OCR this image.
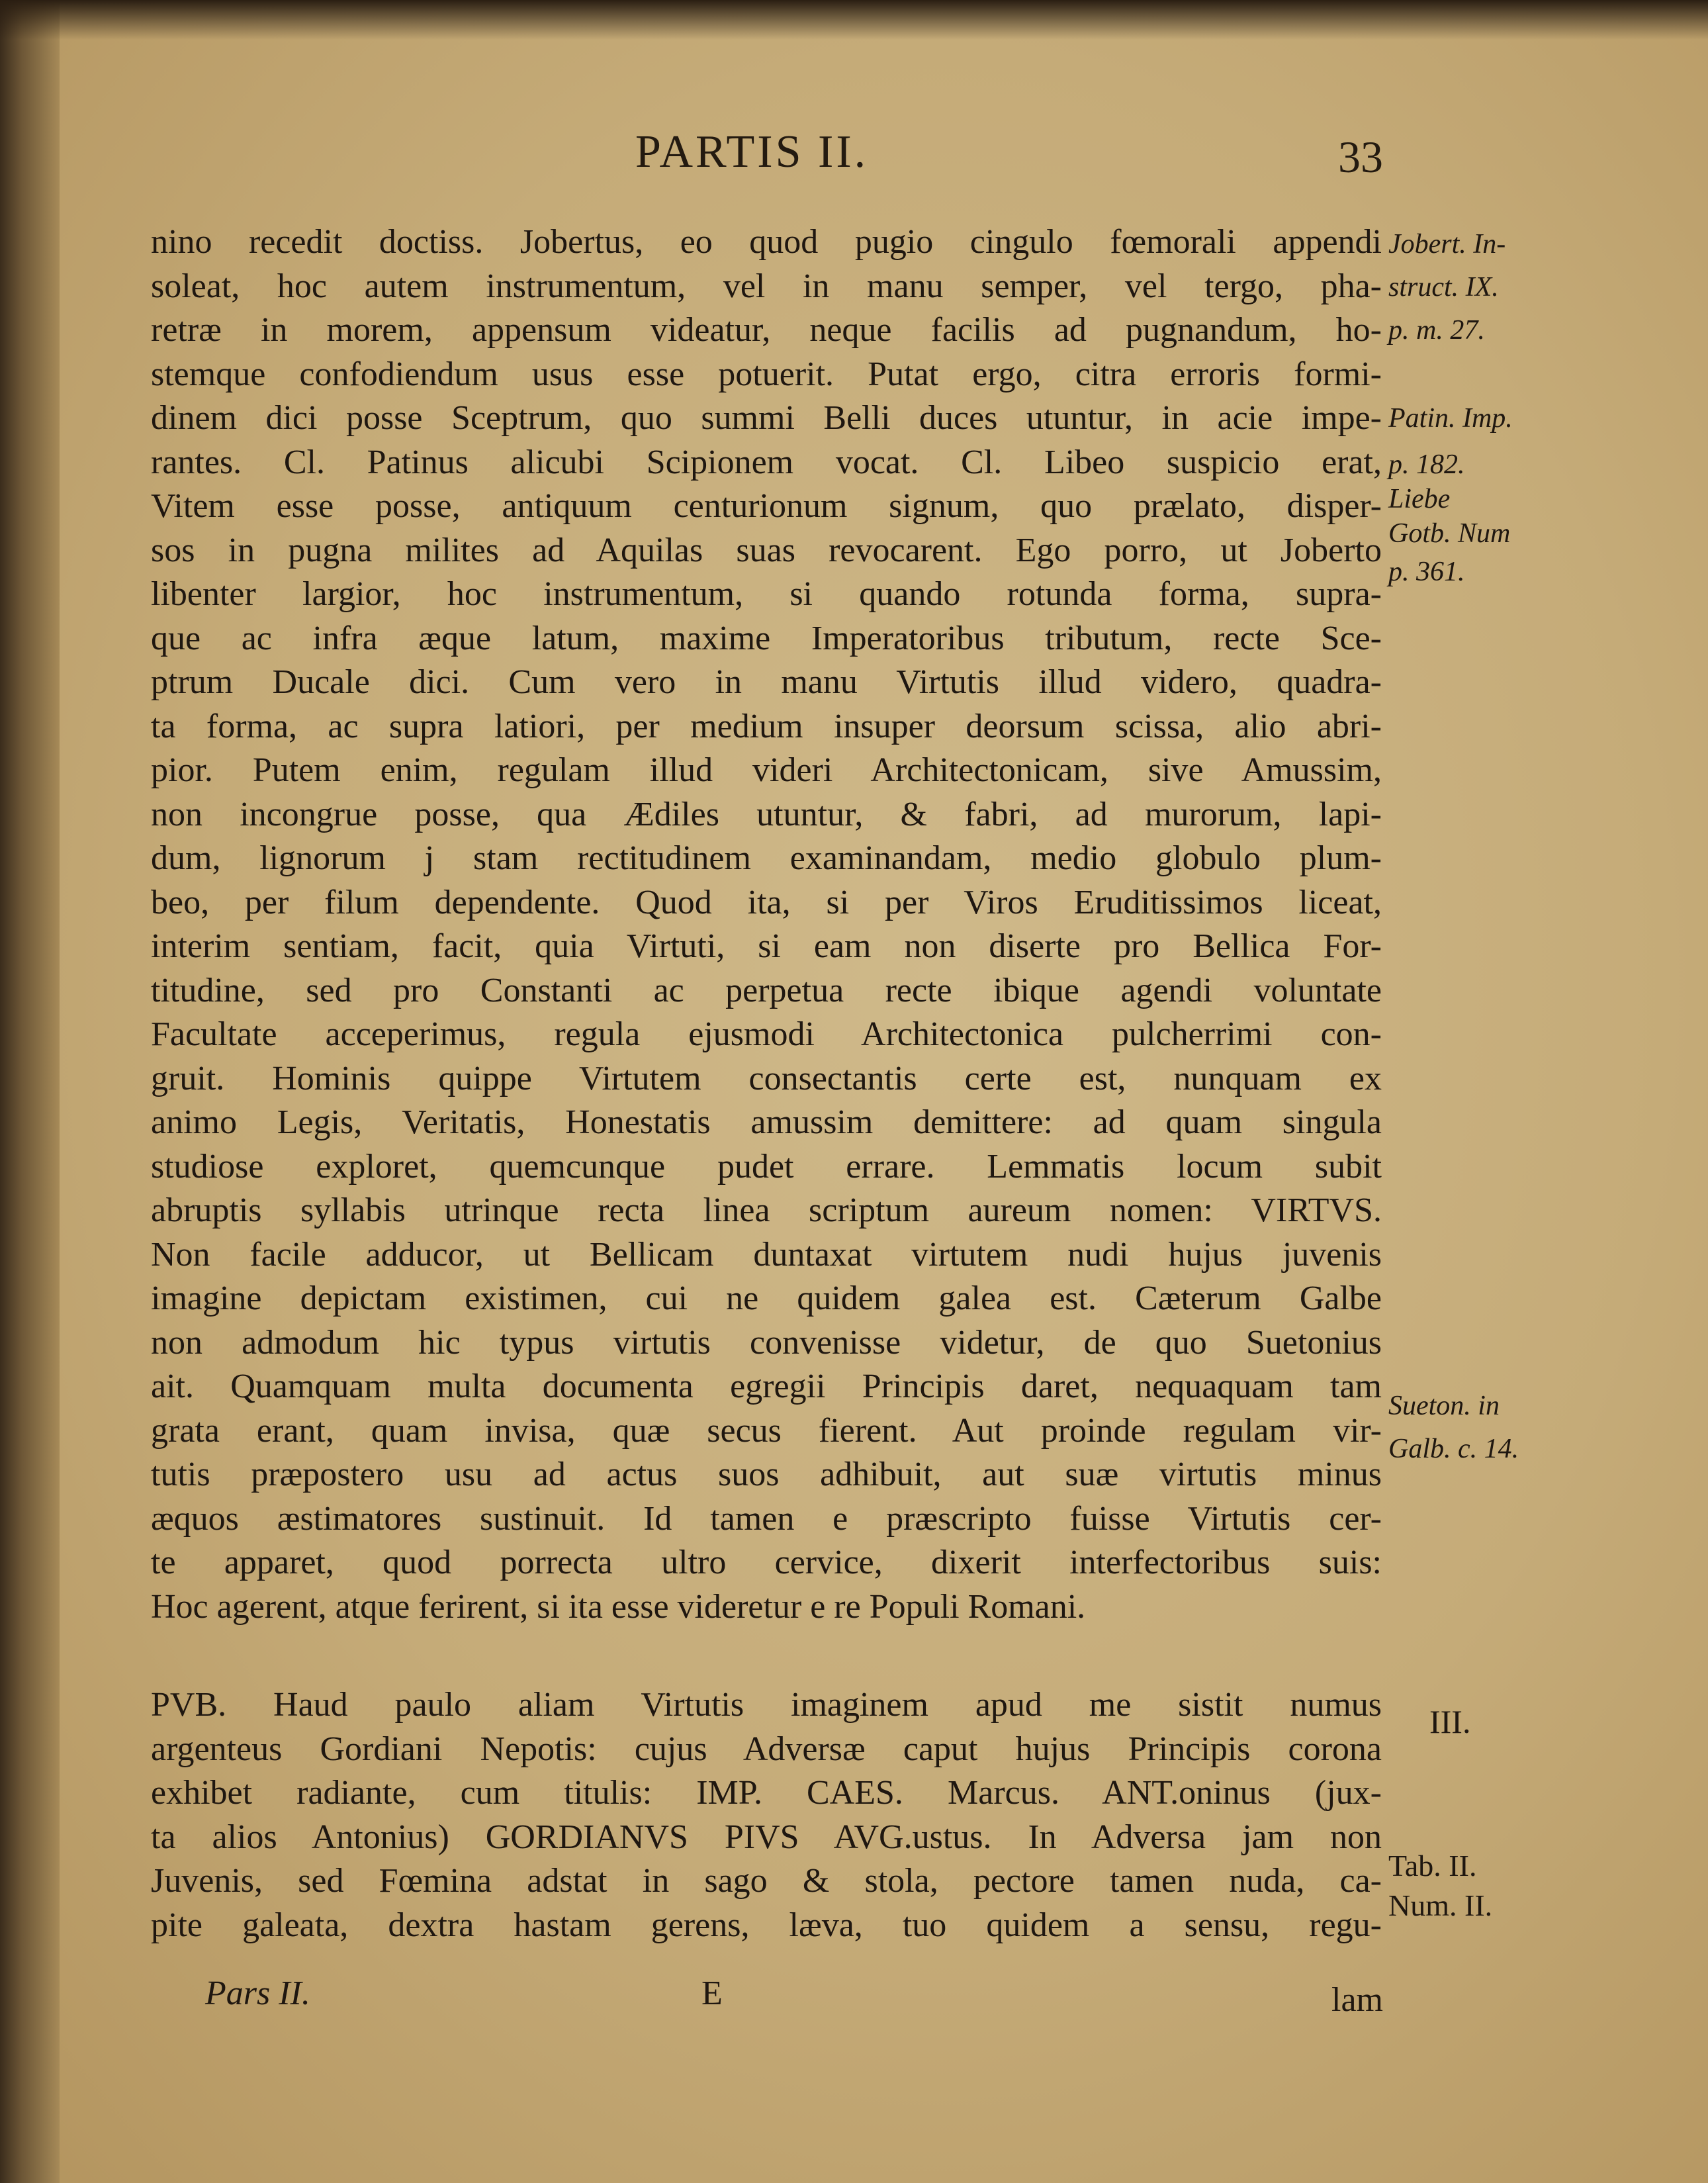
PARTIS II.	33
nino recedit doctiss. Jobertus, eo quod pugio cingulo fœmorali appendi
soleat, hoc autem instrumentum, vel in manu semper, vel tergo, pha-
retræ in morem, appensum videatur, neque facilis ad pugnandum, ho-
stemque confodiendum usus esse potuerit. Putat ergo, citra erroris formi-
dinem dici posse Sceptrum, quo summi Belli duces utuntur, in acie impe-
rantes. Cl. Patinus alicubi Scipionem vocat. Cl. Libeo suspicio erat,
Vitem esse posse, antiquum centurionum signum, quo prælato, disper-
sos in pugna milites ad Aquilas suas revocarent. Ego porro, ut Joberto
libenter largior, hoc instrumentum, si quando rotunda forma, supra-
que ac infra æque latum, maxime Imperatoribus tributum, recte Sce-
ptrum Ducale dici. Cum vero in manu Virtutis illud videro, quadra-
ta forma, ac supra latiori, per medium insuper deorsum scissa, alio abri-
pior. Putem enim, regulam illud videri Architectonicam, sive Amussim,
non incongrue posse, qua Ædiles utuntur, & fabri, ad murorum, lapi-
dum, lignorum j stam rectitudinem examinandam, medio globulo plum-
beo, per filum dependente. Quod ita, si per Viros Eruditissimos liceat,
interim sentiam, facit, quia Virtuti, si eam non diserte pro Bellica For-
titudine, sed pro Constanti ac perpetua recte ibique agendi voluntate
Facultate acceperimus, regula ejusmodi Architectonica pulcherrimi con-
gruit. Hominis quippe Virtutem consectantis certe est, nunquam ex
animo Legis, Veritatis, Honestatis amussim demittere: ad quam singula
studiose exploret, quemcunque pudet errare. Lemmatis locum subit
abruptis syllabis utrinque recta linea scriptum aureum nomen: VIRTVS.
Non facile adducor, ut Bellicam duntaxat virtutem nudi hujus juvenis
imagine depictam existimen, cui ne quidem galea est. Cæterum Galbe
non admodum hic typus virtutis convenisse videtur, de quo Suetonius
ait. Quamquam multa documenta egregii Principis daret, nequaquam tam
grata erant, quam invisa, quæ secus fierent. Aut proinde regulam vir-
tutis præpostero usu ad actus suos adhibuit, aut suæ virtutis minus
æquos æstimatores sustinuit. Id tamen e præscripto fuisse Virtutis cer-
te apparet, quod porrecta ultro cervice, dixerit interfectoribus suis:
Hoc agerent, atque ferirent, si ita esse videretur e re Populi Romani.
PVB. Haud paulo aliam Virtutis imaginem apud me sistit numus
argenteus Gordiani Nepotis: cujus Adversæ caput hujus Principis corona
exhibet radiante, cum titulis: IMP. CAES. Marcus. ANT.oninus (jux-
ta alios Antonius) GORDIANVS PIVS AVG.ustus. In Adversa jam non
Juvenis, sed Fœmina adstat in sago & stola, pectore tamen nuda, ca-
pite galeata, dextra hastam gerens, læva, tuo quidem a sensu, regu-
Jobert. In-
struct. IX.
p. m. 27.
Patin. Imp.
p. 182.
Liebe
Gotb. Num
p. 361.
Sueton. in
Galb. c. 14.
III.
Tab. II.
Num. II.
Pars II.	E	lam
